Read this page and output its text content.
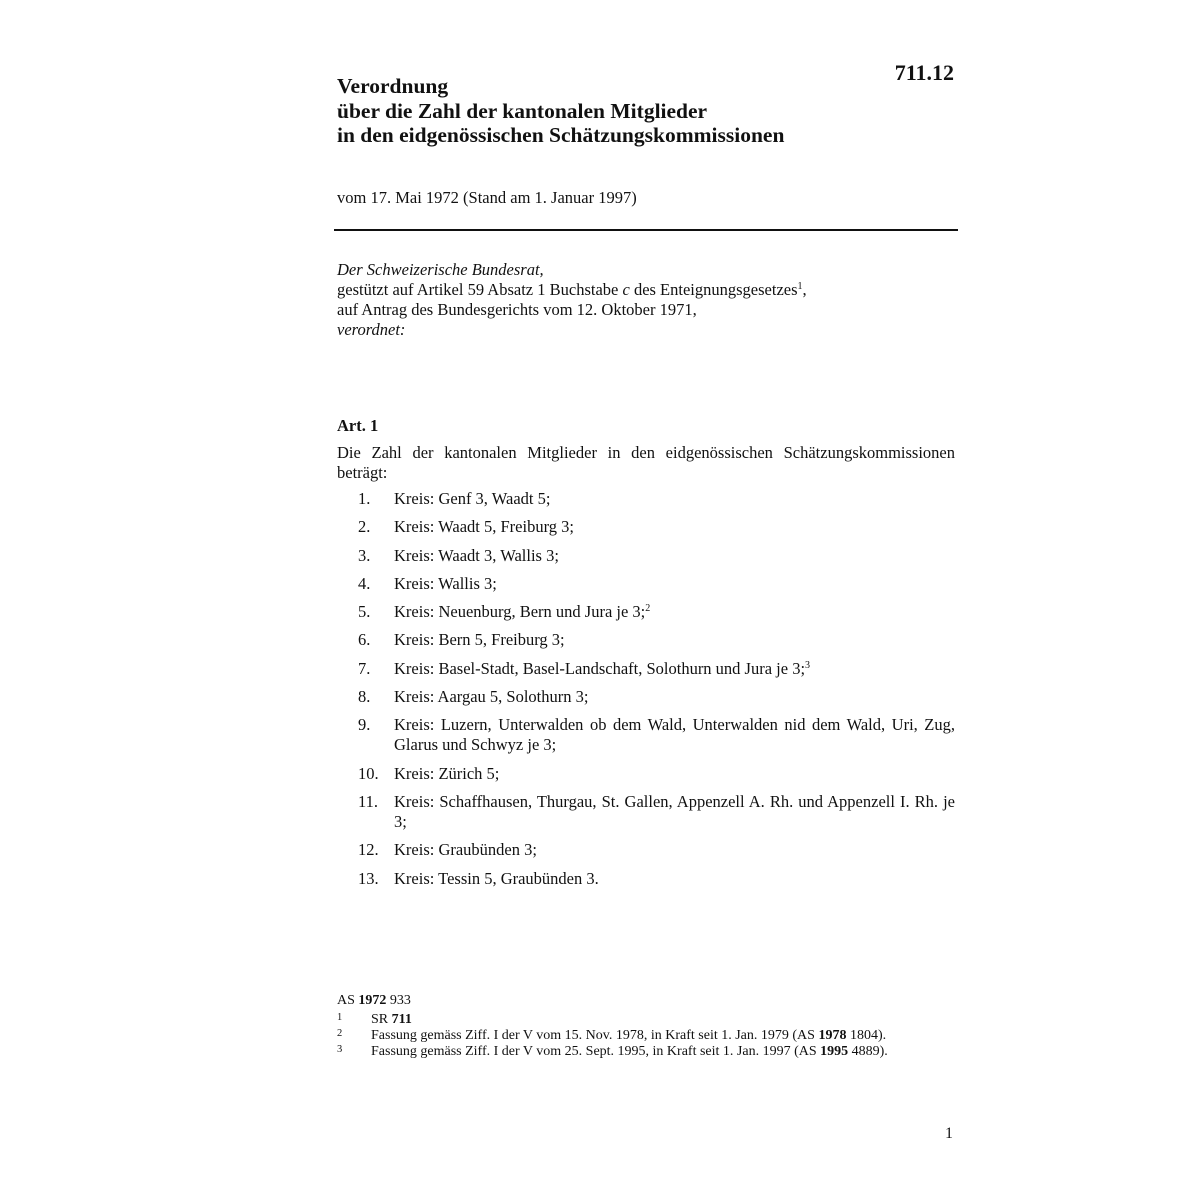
711.12
Verordnung
über die Zahl der kantonalen Mitglieder
in den eidgenössischen Schätzungskommissionen
vom 17. Mai 1972 (Stand am 1. Januar 1997)
Der Schweizerische Bundesrat,
gestützt auf Artikel 59 Absatz 1 Buchstabe c des Enteignungsgesetzes$^1$,
auf Antrag des Bundesgerichts vom 12. Oktober 1971,
verordnet:
Art. 1
Die Zahl der kantonalen Mitglieder in den eidgenössischen Schätzungskommissionen beträgt:
1. Kreis: Genf 3, Waadt 5;
2. Kreis: Waadt 5, Freiburg 3;
3. Kreis: Waadt 3, Wallis 3;
4. Kreis: Wallis 3;
5. Kreis: Neuenburg, Bern und Jura je 3;$^2$
6. Kreis: Bern 5, Freiburg 3;
7. Kreis: Basel-Stadt, Basel-Landschaft, Solothurn und Jura je 3;$^3$
8. Kreis: Aargau 5, Solothurn 3;
9. Kreis: Luzern, Unterwalden ob dem Wald, Unterwalden nid dem Wald, Uri, Zug, Glarus und Schwyz je 3;
10. Kreis: Zürich 5;
11. Kreis: Schaffhausen, Thurgau, St. Gallen, Appenzell A. Rh. und Appenzell I. Rh. je 3;
12. Kreis: Graubünden 3;
13. Kreis: Tessin 5, Graubünden 3.
AS 1972 933
1 SR 711
2 Fassung gemäss Ziff. I der V vom 15. Nov. 1978, in Kraft seit 1. Jan. 1979 (AS 1978 1804).
3 Fassung gemäss Ziff. I der V vom 25. Sept. 1995, in Kraft seit 1. Jan. 1997 (AS 1995 4889).
1
